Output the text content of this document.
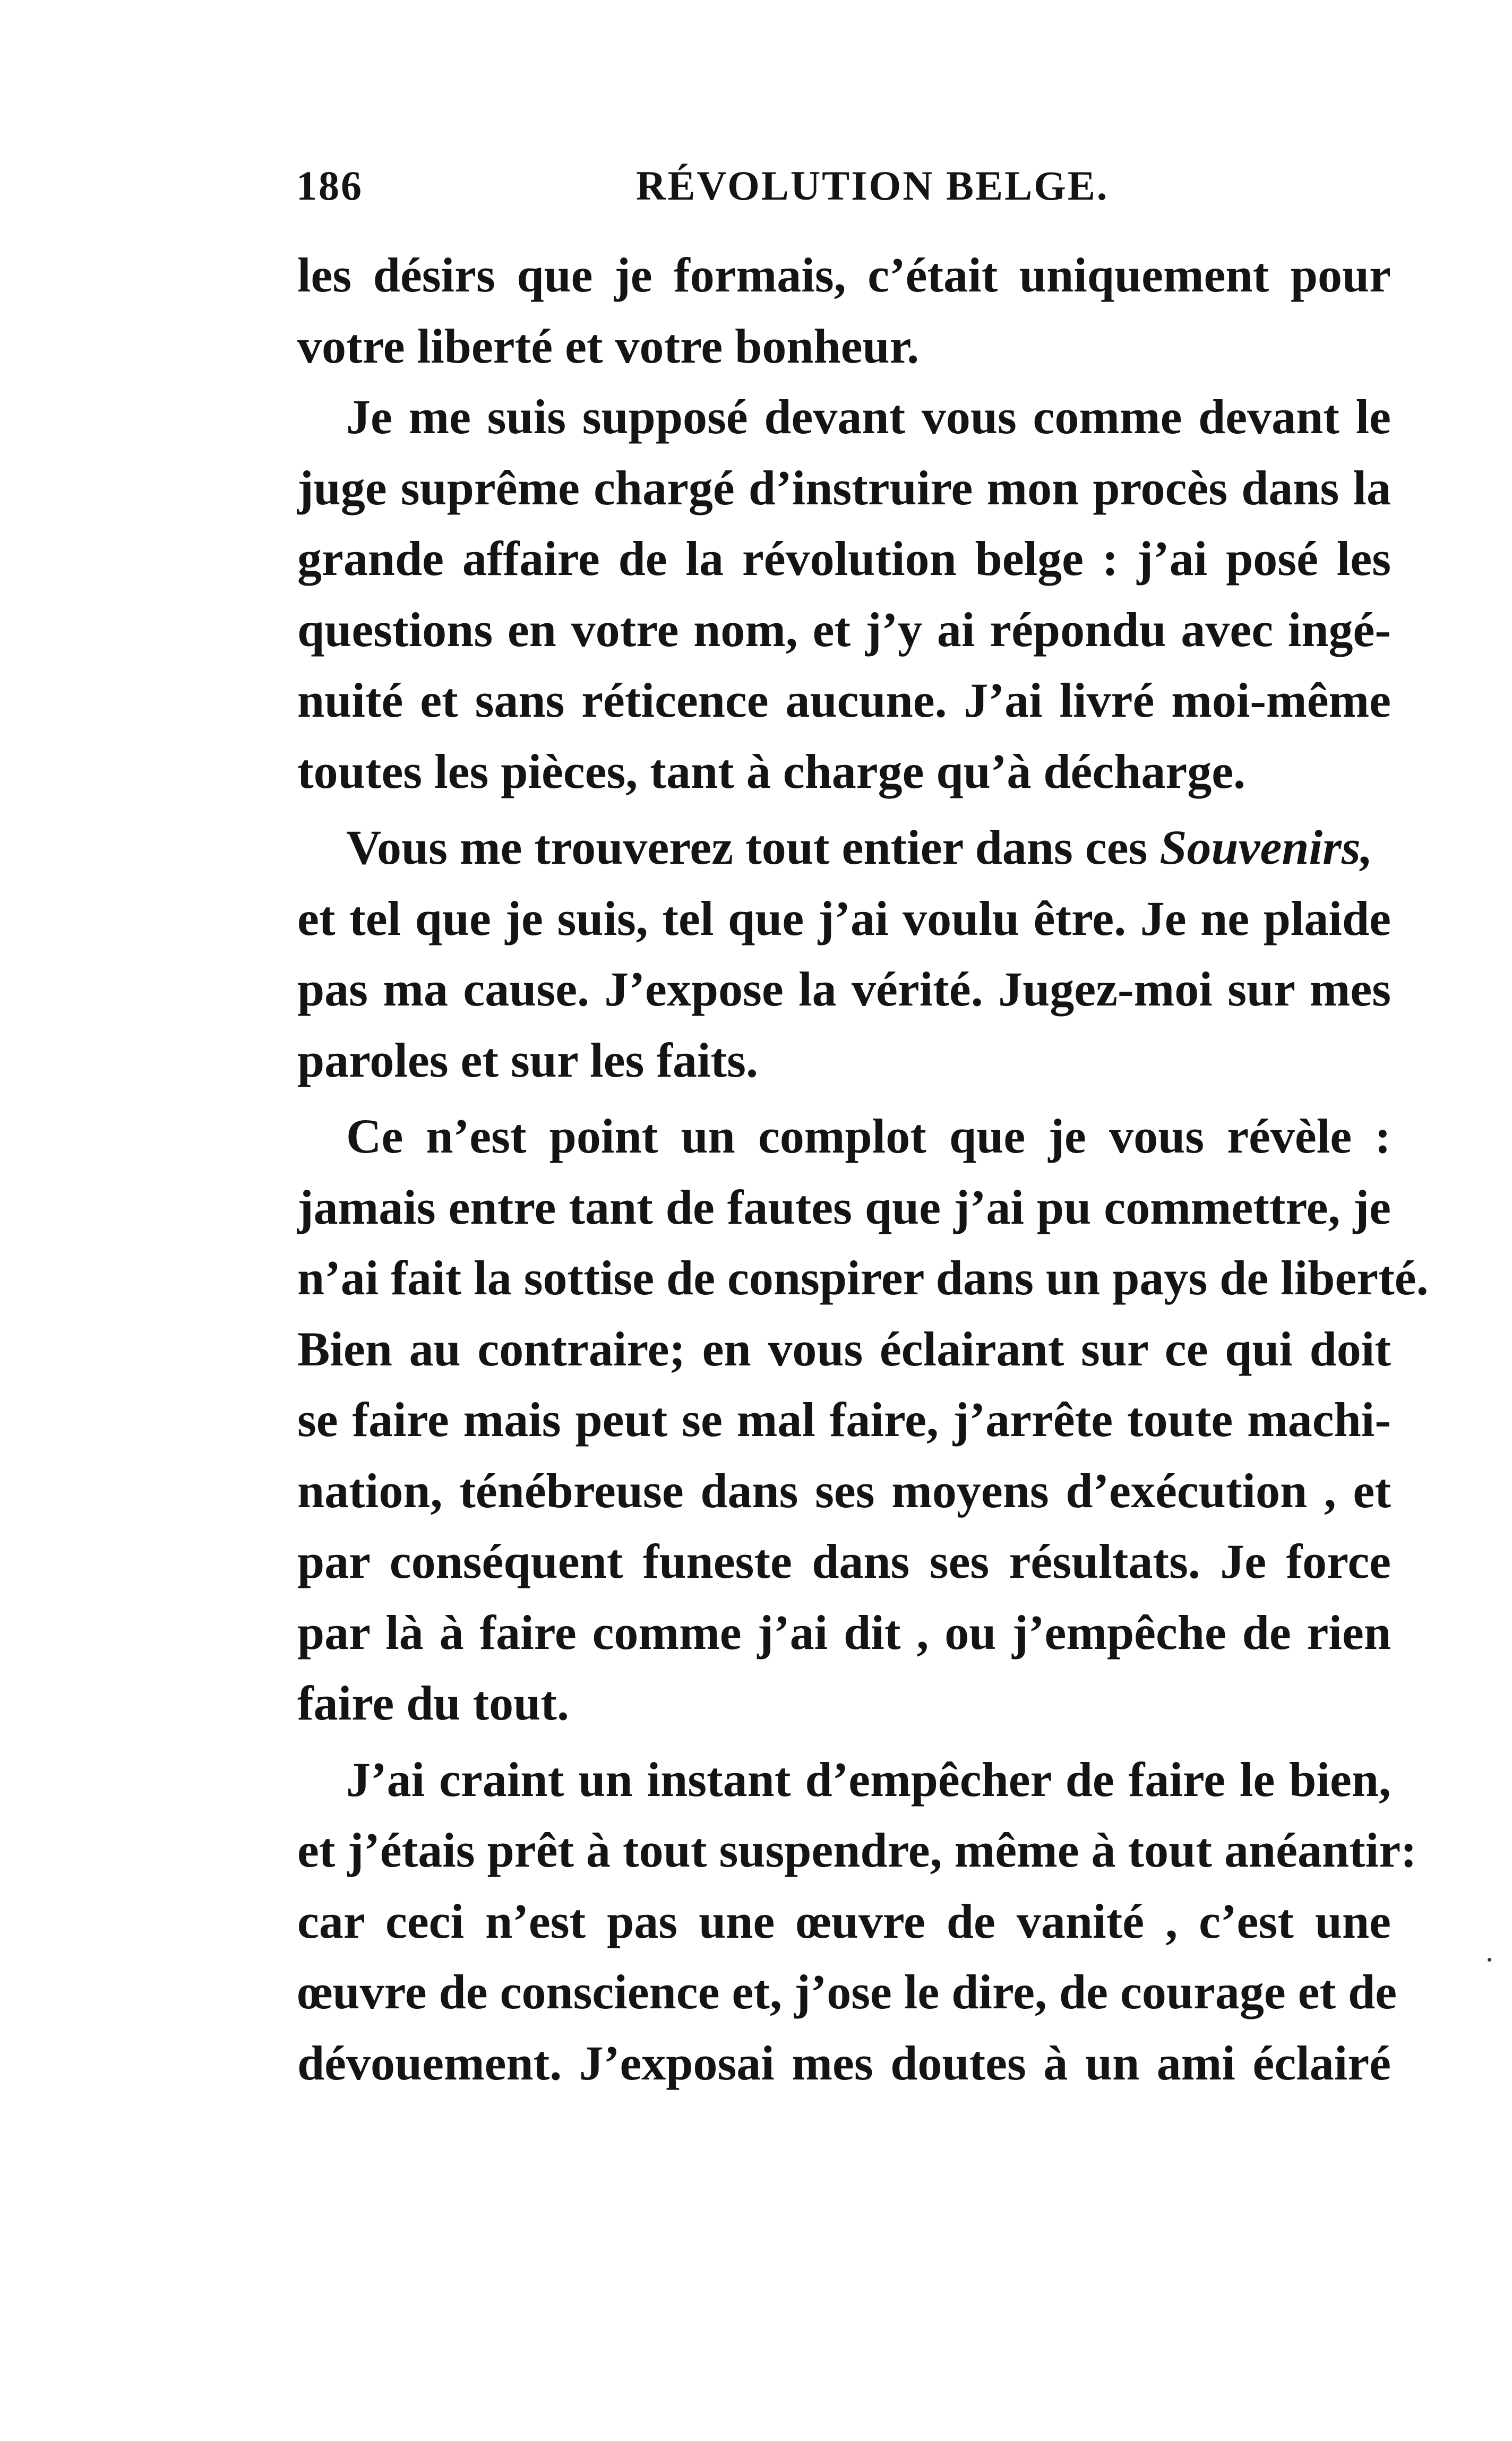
186	RÉVOLUTION BELGE.
les désirs que je formais, c’était uniquement pour
votre liberté et votre bonheur.
Je me suis supposé devant vous comme devant le
juge suprême chargé d’instruire mon procès dans la
grande affaire de la révolution belge : j’ai posé les
questions en votre nom, et j’y ai répondu avec ingé-
nuité et sans réticence aucune. J’ai livré moi-même
toutes les pièces, tant à charge qu’à décharge.
Vous me trouverez tout entier dans ces Souvenirs,
et tel que je suis, tel que j’ai voulu être. Je ne plaide
pas ma cause. J’expose la vérité. Jugez-moi sur mes
paroles et sur les faits.
Ce n’est point un complot que je vous révèle :
jamais entre tant de fautes que j’ai pu commettre, je
n’ai fait la sottise de conspirer dans un pays de liberté.
Bien au contraire; en vous éclairant sur ce qui doit
se faire mais peut se mal faire, j’arrête toute machi-
nation, ténébreuse dans ses moyens d’exécution , et
par conséquent funeste dans ses résultats. Je force
par là à faire comme j’ai dit , ou j’empêche de rien
faire du tout.
J’ai craint un instant d’empêcher de faire le bien,
et j’étais prêt à tout suspendre, même à tout anéantir:
car ceci n’est pas une œuvre de vanité , c’est une
œuvre de conscience et, j’ose le dire, de courage et de
dévouement. J’exposai mes doutes à un ami éclairé
